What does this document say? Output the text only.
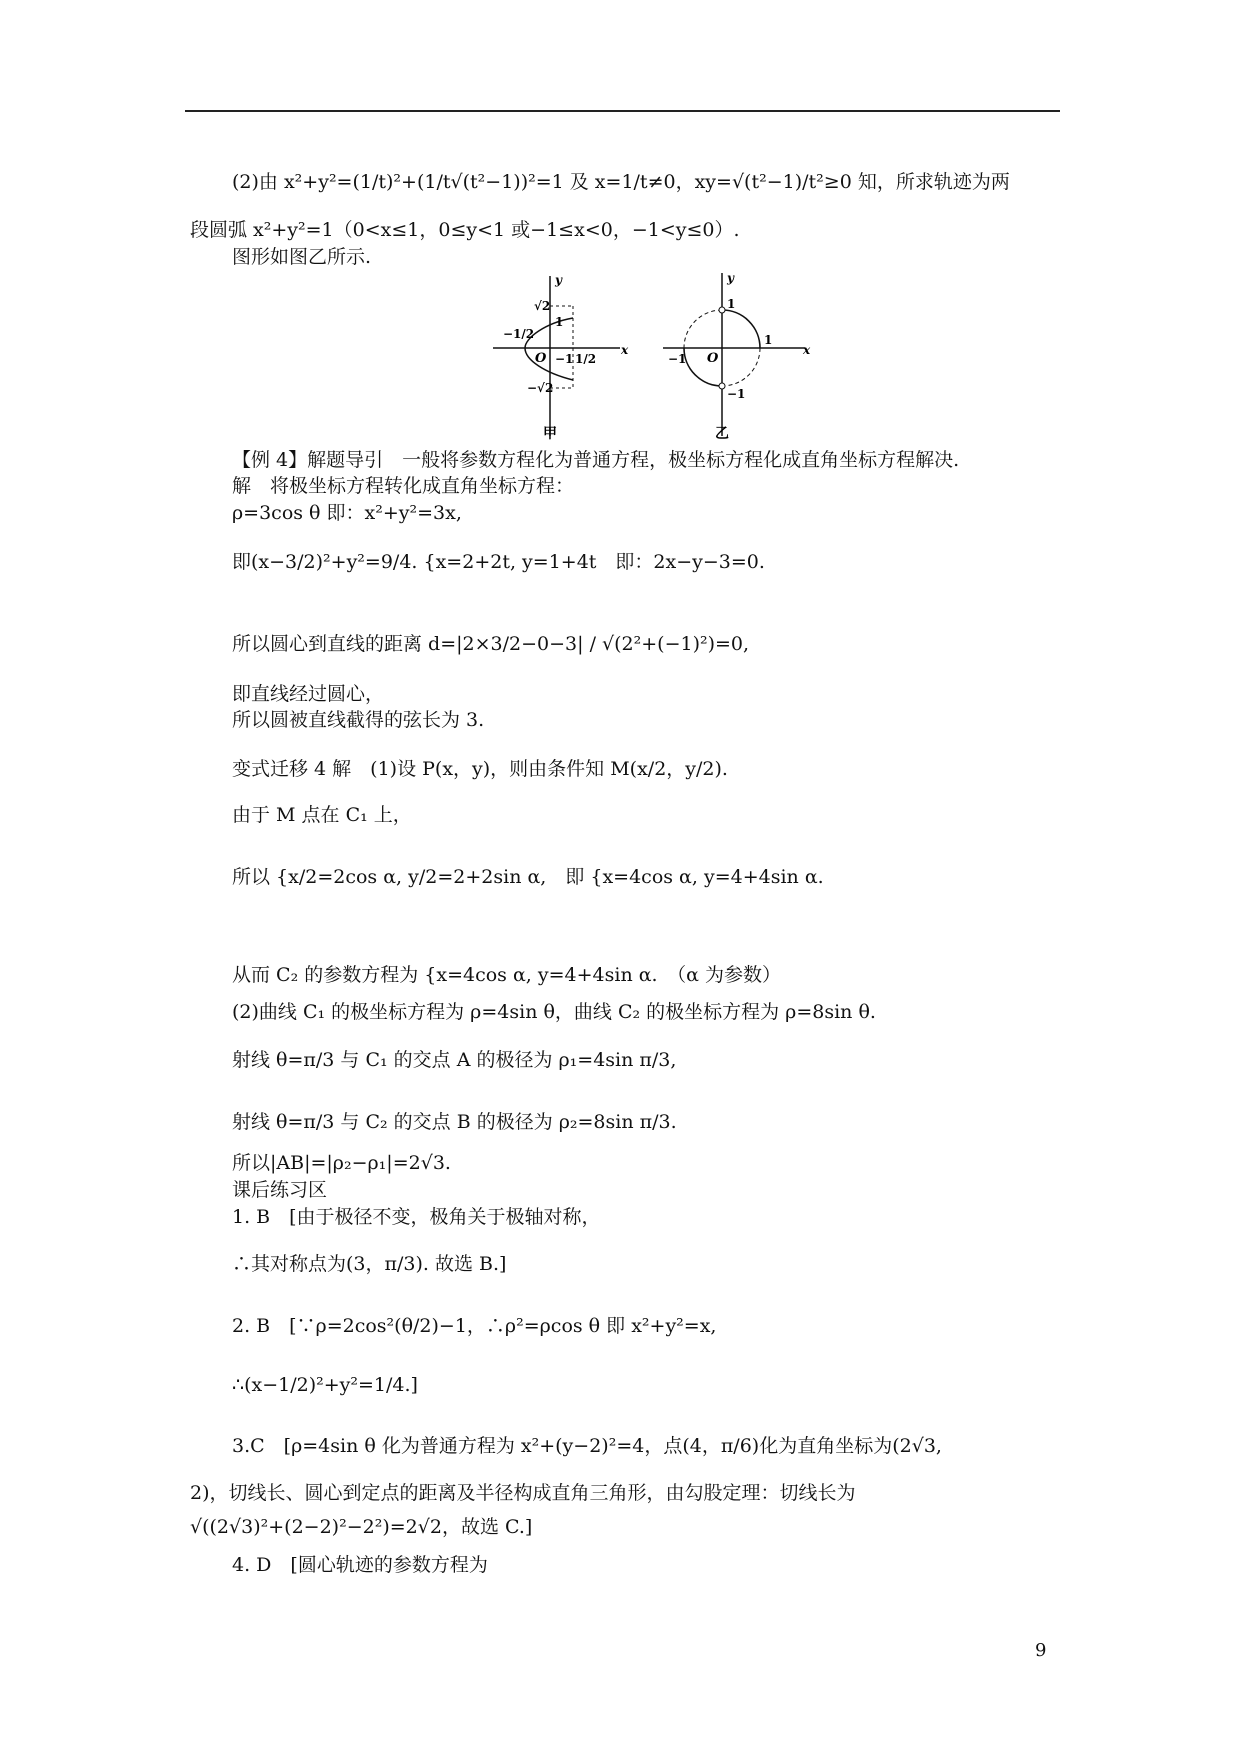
(2)由 x²+y²=(1/t)²+(1/t√(t²−1))²=1 及 x=1/t≠0，xy=√(t²−1)/t²≥0 知，所求轨迹为两
段圆弧 x²+y²=1（0<x≤1，0≤y<1 或−1≤x<0，−1<y≤0）.
图形如图乙所示.
【例 4】解题导引　一般将参数方程化为普通方程，极坐标方程化成直角坐标方程解决.
解　将极坐标方程转化成直角坐标方程：
ρ=3cos θ 即：x²+y²=3x,
即(x−3/2)²+y²=9/4. {x=2+2t, y=1+4t　即：2x−y−3=0.
所以圆心到直线的距离 d=|2×3/2−0−3| / √(2²+(−1)²)=0,
即直线经过圆心，
所以圆被直线截得的弦长为 3.
变式迁移 4 解　(1)设 P(x，y)，则由条件知 M(x/2，y/2).
由于 M 点在 C₁ 上，
所以 {x/2=2cos α, y/2=2+2sin α,　即 {x=4cos α, y=4+4sin α.
从而 C₂ 的参数方程为 {x=4cos α, y=4+4sin α.　（α 为参数）
(2)曲线 C₁ 的极坐标方程为 ρ=4sin θ，曲线 C₂ 的极坐标方程为 ρ=8sin θ.
射线 θ=π/3 与 C₁ 的交点 A 的极径为 ρ₁=4sin π/3,
射线 θ=π/3 与 C₂ 的交点 B 的极径为 ρ₂=8sin π/3.
所以|AB|=|ρ₂−ρ₁|=2√3.
课后练习区
1. B　[由于极径不变，极角关于极轴对称，
∴其对称点为(3，π/3). 故选 B.]
2. B　[∵ρ=2cos²(θ/2)−1，∴ρ²=ρcos θ 即 x²+y²=x,
∴(x−1/2)²+y²=1/4.]
3.C　[ρ=4sin θ 化为普通方程为 x²+(y−2)²=4，点(4，π/6)化为直角坐标为(2√3,
2)，切线长、圆心到定点的距离及半径构成直角三角形，由勾股定理：切线长为
√((2√3)²+(2−2)²−2²)=2√2，故选 C.]
4. D　[圆心轨迹的参数方程为
y
x
O
√2
−1/2
1
−1 1/2
−√2
甲
y
x
O
1
−1
1
−1
乙
9
